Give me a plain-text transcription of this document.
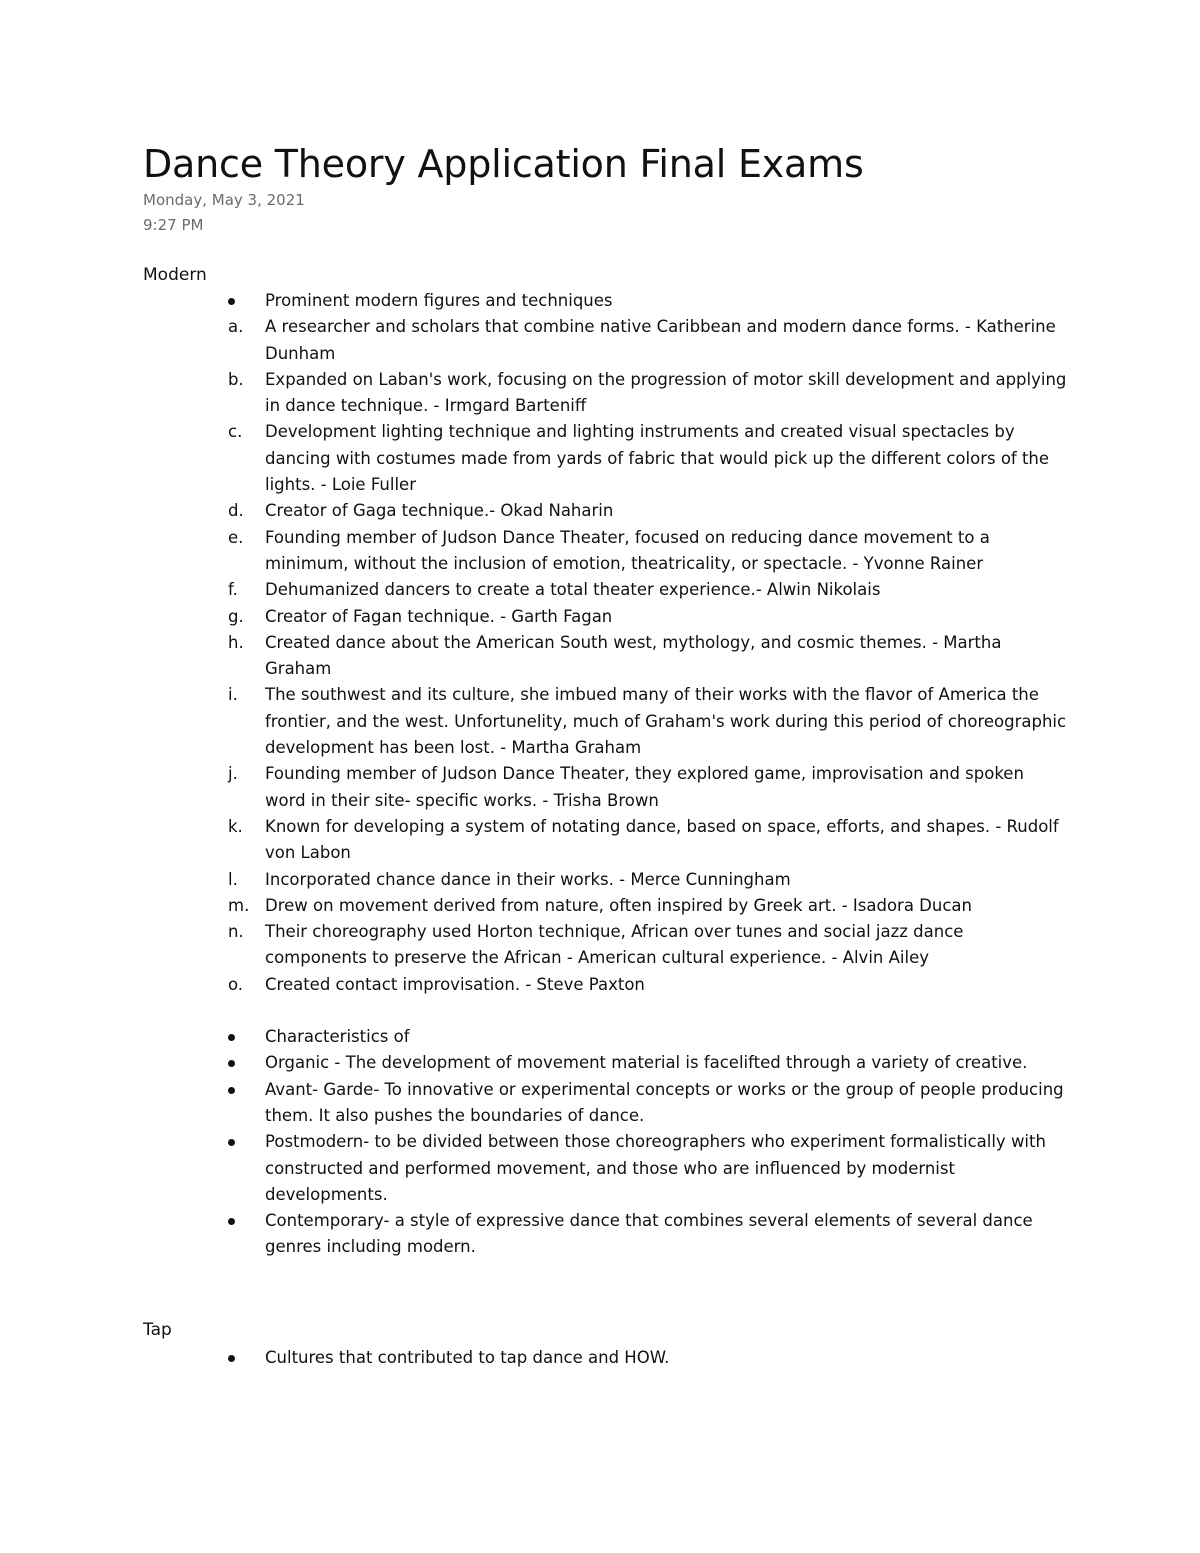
Dance Theory Application Final Exams
Monday, May 3, 2021
9:27 PM
Modern
Prominent modern figures and techniques
a. A researcher and scholars that combine native Caribbean and modern dance forms. - Katherine Dunham
b. Expanded on Laban's work, focusing on the progression of motor skill development and applying in dance technique. - Irmgard Barteniff
c. Development lighting technique and lighting instruments and created visual spectacles by dancing with costumes made from yards of fabric that would pick up the different colors of the lights. - Loie Fuller
d. Creator of Gaga technique.- Okad Naharin
e. Founding member of Judson Dance Theater, focused on reducing dance movement to a minimum, without the inclusion of emotion, theatricality, or spectacle. - Yvonne Rainer
f. Dehumanized dancers to create a total theater experience.- Alwin Nikolais
g. Creator of Fagan technique. - Garth Fagan
h. Created dance about the American South west, mythology, and cosmic themes. - Martha Graham
i. The southwest and its culture, she imbued many of their works with the flavor of America the frontier, and the west. Unfortunelity, much of Graham's work during this period of choreographic development has been lost. - Martha Graham
j. Founding member of Judson Dance Theater, they explored game, improvisation and spoken word in their site- specific works. - Trisha Brown
k. Known for developing a system of notating dance, based on space, efforts, and shapes. - Rudolf von Labon
l. Incorporated chance dance in their works. - Merce Cunningham
m. Drew on movement derived from nature, often inspired by Greek art. - Isadora Ducan
n. Their choreography used Horton technique, African over tunes and social jazz dance components to preserve the African - American cultural experience. - Alvin Ailey
o. Created contact improvisation. - Steve Paxton
Characteristics of
Organic - The development of movement material is facelifted through a variety of creative.
Avant- Garde- To innovative or experimental concepts or works or the group of people producing them. It also pushes the boundaries of dance.
Postmodern- to be divided between those choreographers who experiment formalistically with constructed and performed movement, and those who are influenced by modernist developments.
Contemporary- a style of expressive dance that combines several elements of several dance genres including modern.
Tap
Cultures that contributed to tap dance and HOW.
